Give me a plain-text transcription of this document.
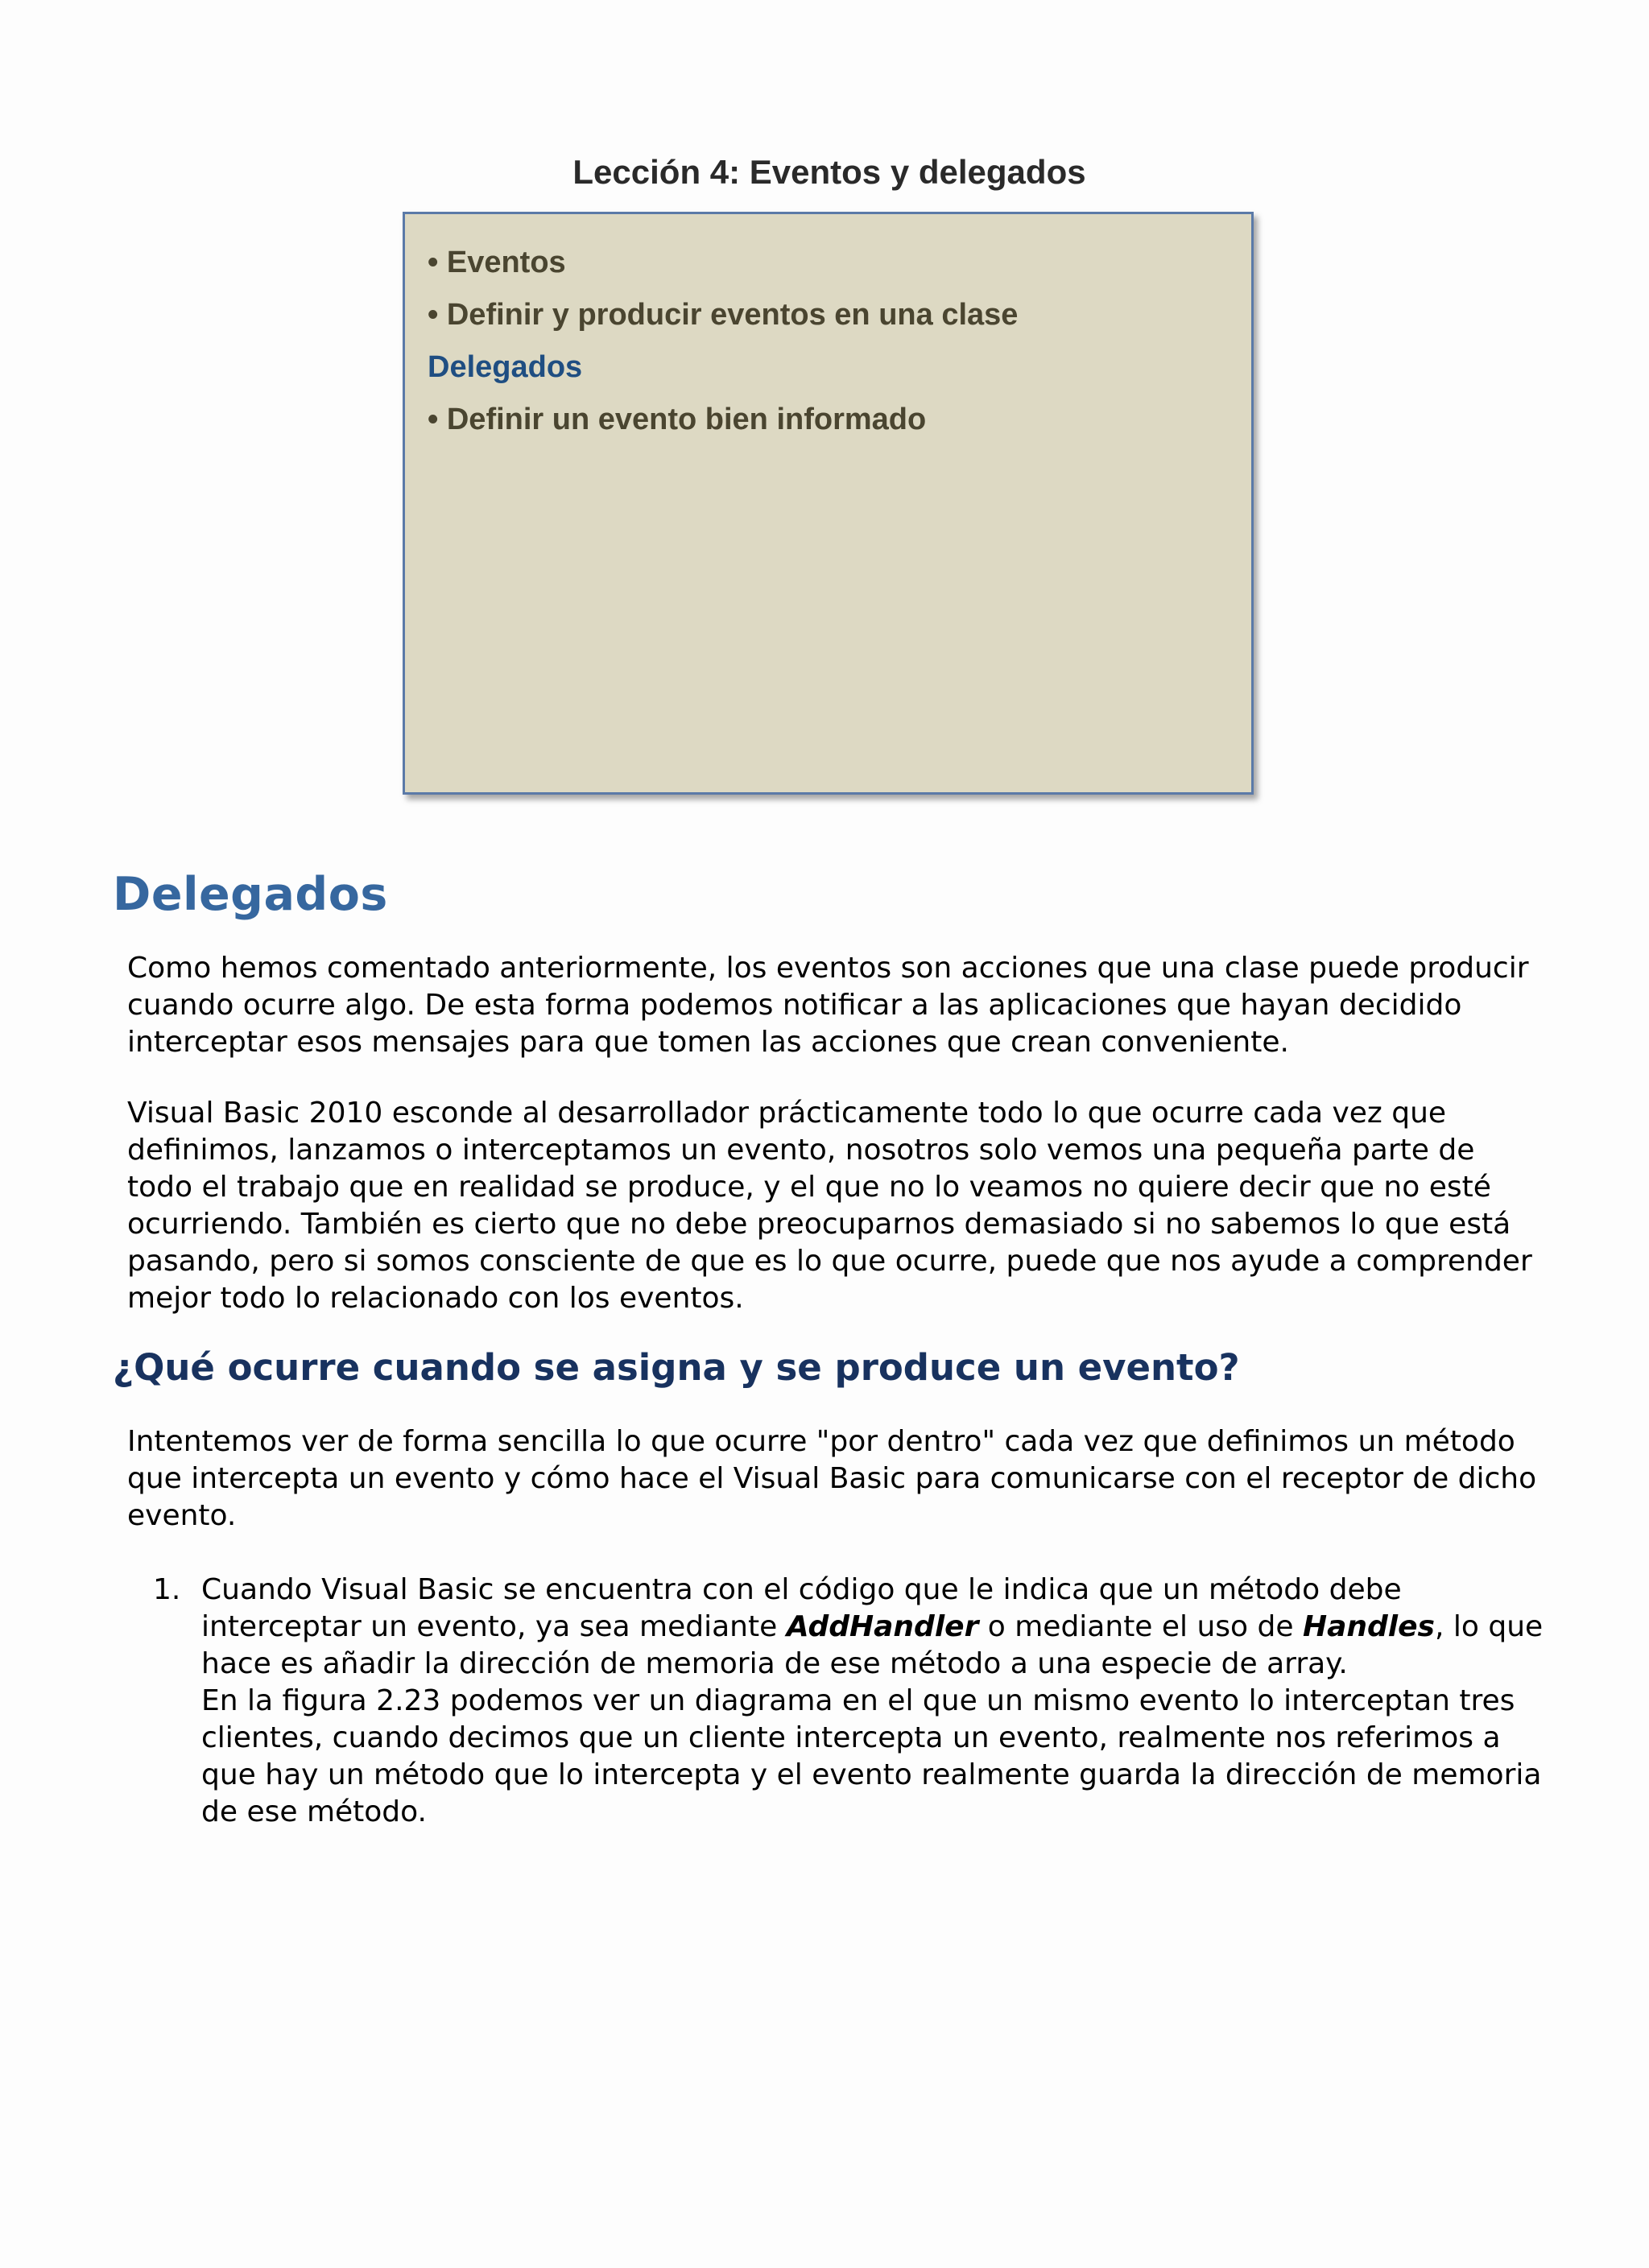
Lección 4: Eventos y delegados
• Eventos
• Definir y producir eventos en una clase
Delegados
• Definir un evento bien informado
Delegados

Como hemos comentado anteriormente, los eventos son acciones que una clase puede producir cuando ocurre algo. De esta forma podemos notificar a las aplicaciones que hayan decidido interceptar esos mensajes para que tomen las acciones que crean conveniente.

Visual Basic 2010 esconde al desarrollador prácticamente todo lo que ocurre cada vez que definimos, lanzamos o interceptamos un evento, nosotros solo vemos una pequeña parte de todo el trabajo que en realidad se produce, y el que no lo veamos no quiere decir que no esté ocurriendo. También es cierto que no debe preocuparnos demasiado si no sabemos lo que está pasando, pero si somos consciente de que es lo que ocurre, puede que nos ayude a comprender mejor todo lo relacionado con los eventos.

¿Qué ocurre cuando se asigna y se produce un evento?

Intentemos ver de forma sencilla lo que ocurre "por dentro" cada vez que definimos un método que intercepta un evento y cómo hace el Visual Basic para comunicarse con el receptor de dicho evento.

1. Cuando Visual Basic se encuentra con el código que le indica que un método debe interceptar un evento, ya sea mediante AddHandler o mediante el uso de Handles, lo que hace es añadir la dirección de memoria de ese método a una especie de array.
En la figura 2.23 podemos ver un diagrama en el que un mismo evento lo interceptan tres clientes, cuando decimos que un cliente intercepta un evento, realmente nos referimos a que hay un método que lo intercepta y el evento realmente guarda la dirección de memoria de ese método.
